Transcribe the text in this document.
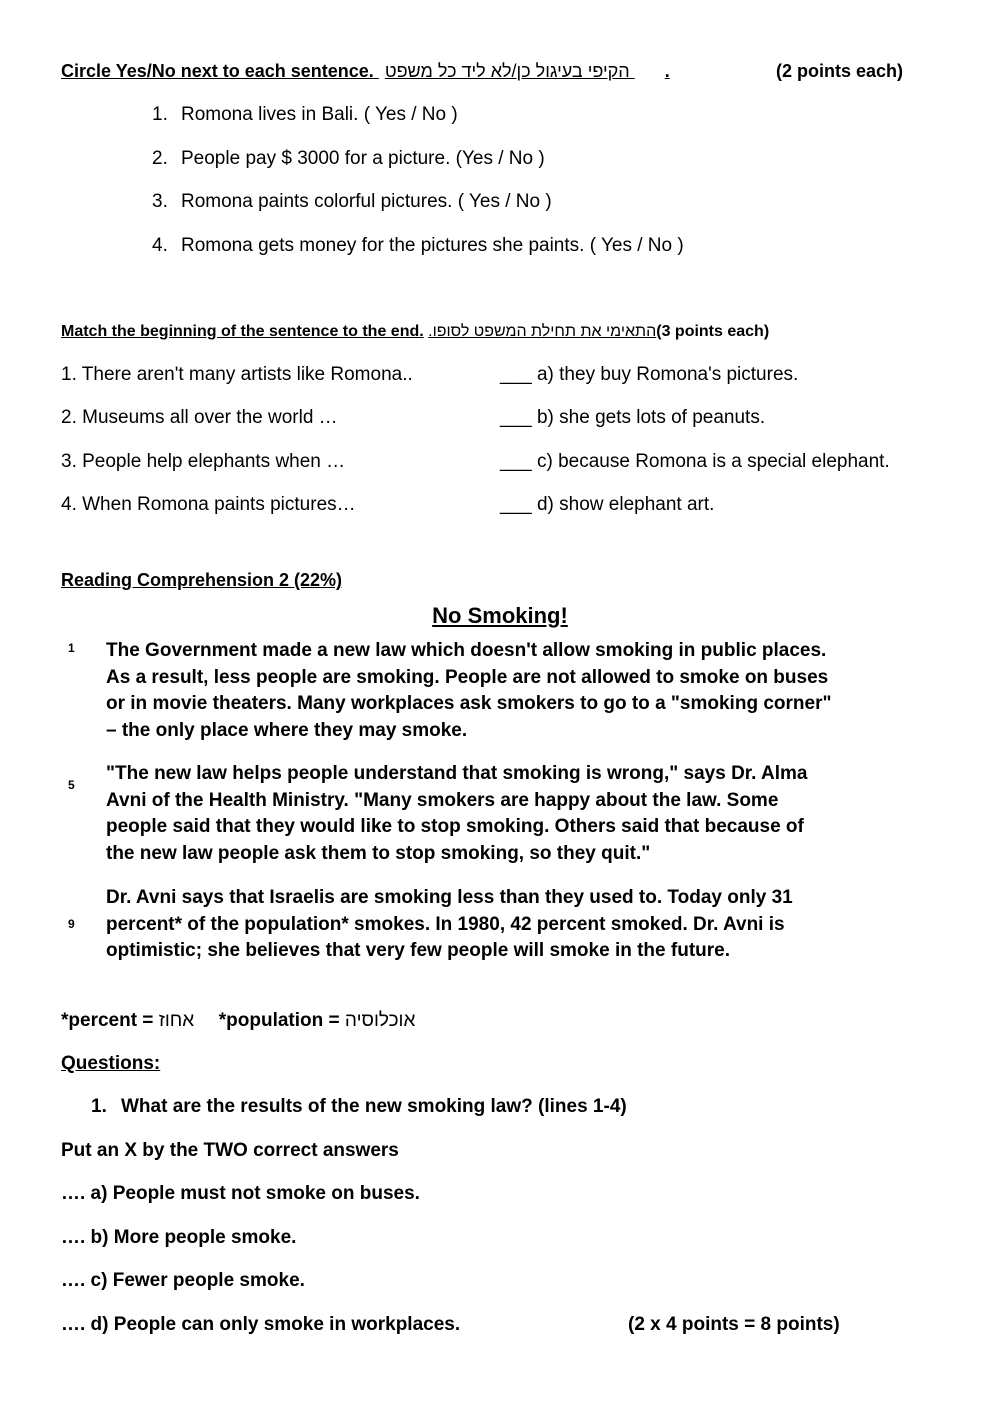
Circle Yes/No next to each sentence. הקיפי בעיגול כן/לא ליד כל משפט .	(2 points each)
1. Romona lives in Bali. ( Yes / No )
2. People pay $ 3000 for a picture. (Yes / No )
3. Romona paints colorful pictures. ( Yes / No )
4. Romona gets money for the pictures she paints. ( Yes / No )
Match the beginning of the sentence to the end. התאימי את תחילת המשפט לסופו.(3 points each)
1. There aren't many artists like Romona..
2. Museums all over the world …
3. People help elephants when …
4. When Romona paints pictures…
___ a) they buy Romona's pictures.
___ b) she gets lots of peanuts.
___ c) because Romona is a special elephant.
___ d) show elephant art.
Reading Comprehension 2 (22%)
No Smoking!
1 The Government made a new law which doesn't allow smoking in public places. As a result, less people are smoking. People are not allowed to smoke on buses or in movie theaters. Many workplaces ask smokers to go to a "smoking corner" – the only place where they may smoke.
5
"The new law helps people understand that smoking is wrong," says Dr. Alma Avni of the Health Ministry. "Many smokers are happy about the law. Some people said that they would like to stop smoking. Others said that because of the new law people ask them to stop smoking, so they quit."
9
Dr. Avni says that Israelis are smoking less than they used to. Today only 31 percent* of the population* smokes. In 1980, 42 percent smoked. Dr. Avni is optimistic; she believes that very few people will smoke in the future.
*percent = אחוז *population = אוכלוסיה
Questions:
1. What are the results of the new smoking law? (lines 1-4)
Put an X by the TWO correct answers
…. a) People must not smoke on buses.
…. b) More people smoke.
…. c) Fewer people smoke.
…. d) People can only smoke in workplaces.	(2 x 4 points = 8 points)
